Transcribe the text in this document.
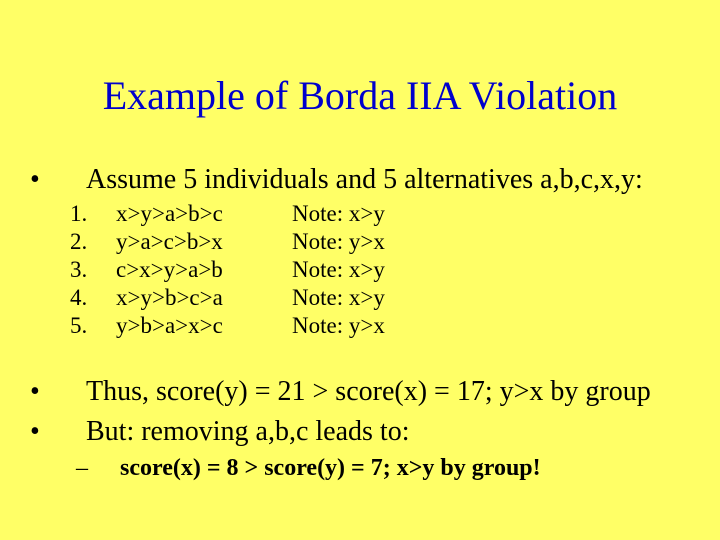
Example of Borda IIA Violation
• Assume 5 individuals and 5 alternatives a,b,c,x,y:
1. x>y>a>b>c	Note: x>y
2. y>a>c>b>x	Note: y>x
3. c>x>y>a>b	Note: x>y
4. x>y>b>c>a	Note: x>y
5. y>b>a>x>c	Note: y>x
• Thus, score(y) = 21 > score(x) = 17; y>x by group
• But: removing a,b,c leads to:
– score(x) = 8 > score(y) = 7; x>y by group!
